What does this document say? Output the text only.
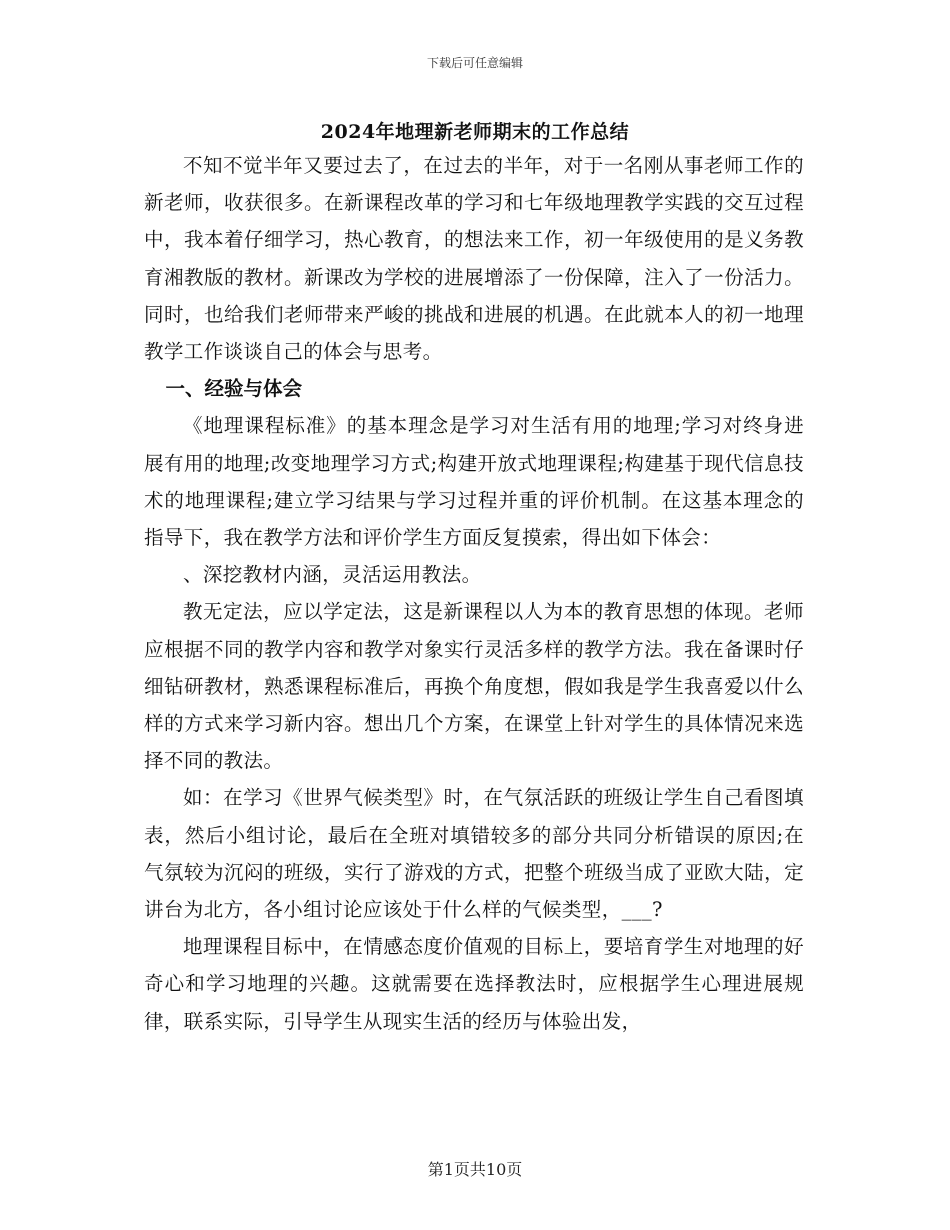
下载后可任意编辑
2024年地理新老师期末的工作总结

不知不觉半年又要过去了，在过去的半年，对于一名刚从事老师工作的新老师，收获很多。在新课程改革的学习和七年级地理教学实践的交互过程中，我本着仔细学习，热心教育，的想法来工作，初一年级使用的是义务教育湘教版的教材。新课改为学校的进展增添了一份保障，注入了一份活力。同时，也给我们老师带来严峻的挑战和进展的机遇。在此就本人的初一地理教学工作谈谈自己的体会与思考。

一、经验与体会

《地理课程标准》的基本理念是学习对生活有用的地理;学习对终身进展有用的地理;改变地理学习方式;构建开放式地理课程;构建基于现代信息技术的地理课程;建立学习结果与学习过程并重的评价机制。在这基本理念的指导下，我在教学方法和评价学生方面反复摸索，得出如下体会：

、深挖教材内涵，灵活运用教法。

教无定法，应以学定法，这是新课程以人为本的教育思想的体现。老师应根据不同的教学内容和教学对象实行灵活多样的教学方法。我在备课时仔细钻研教材，熟悉课程标准后，再换个角度想，假如我是学生我喜爱以什么样的方式来学习新内容。想出几个方案，在课堂上针对学生的具体情况来选择不同的教法。

如：在学习《世界气候类型》时，在气氛活跃的班级让学生自己看图填表，然后小组讨论，最后在全班对填错较多的部分共同分析错误的原因;在气氛较为沉闷的班级，实行了游戏的方式，把整个班级当成了亚欧大陆，定讲台为北方，各小组讨论应该处于什么样的气候类型，___?

地理课程目标中，在情感态度价值观的目标上，要培育学生对地理的好奇心和学习地理的兴趣。这就需要在选择教法时，应根据学生心理进展规律，联系实际，引导学生从现实生活的经历与体验出发，

第1页共10页
